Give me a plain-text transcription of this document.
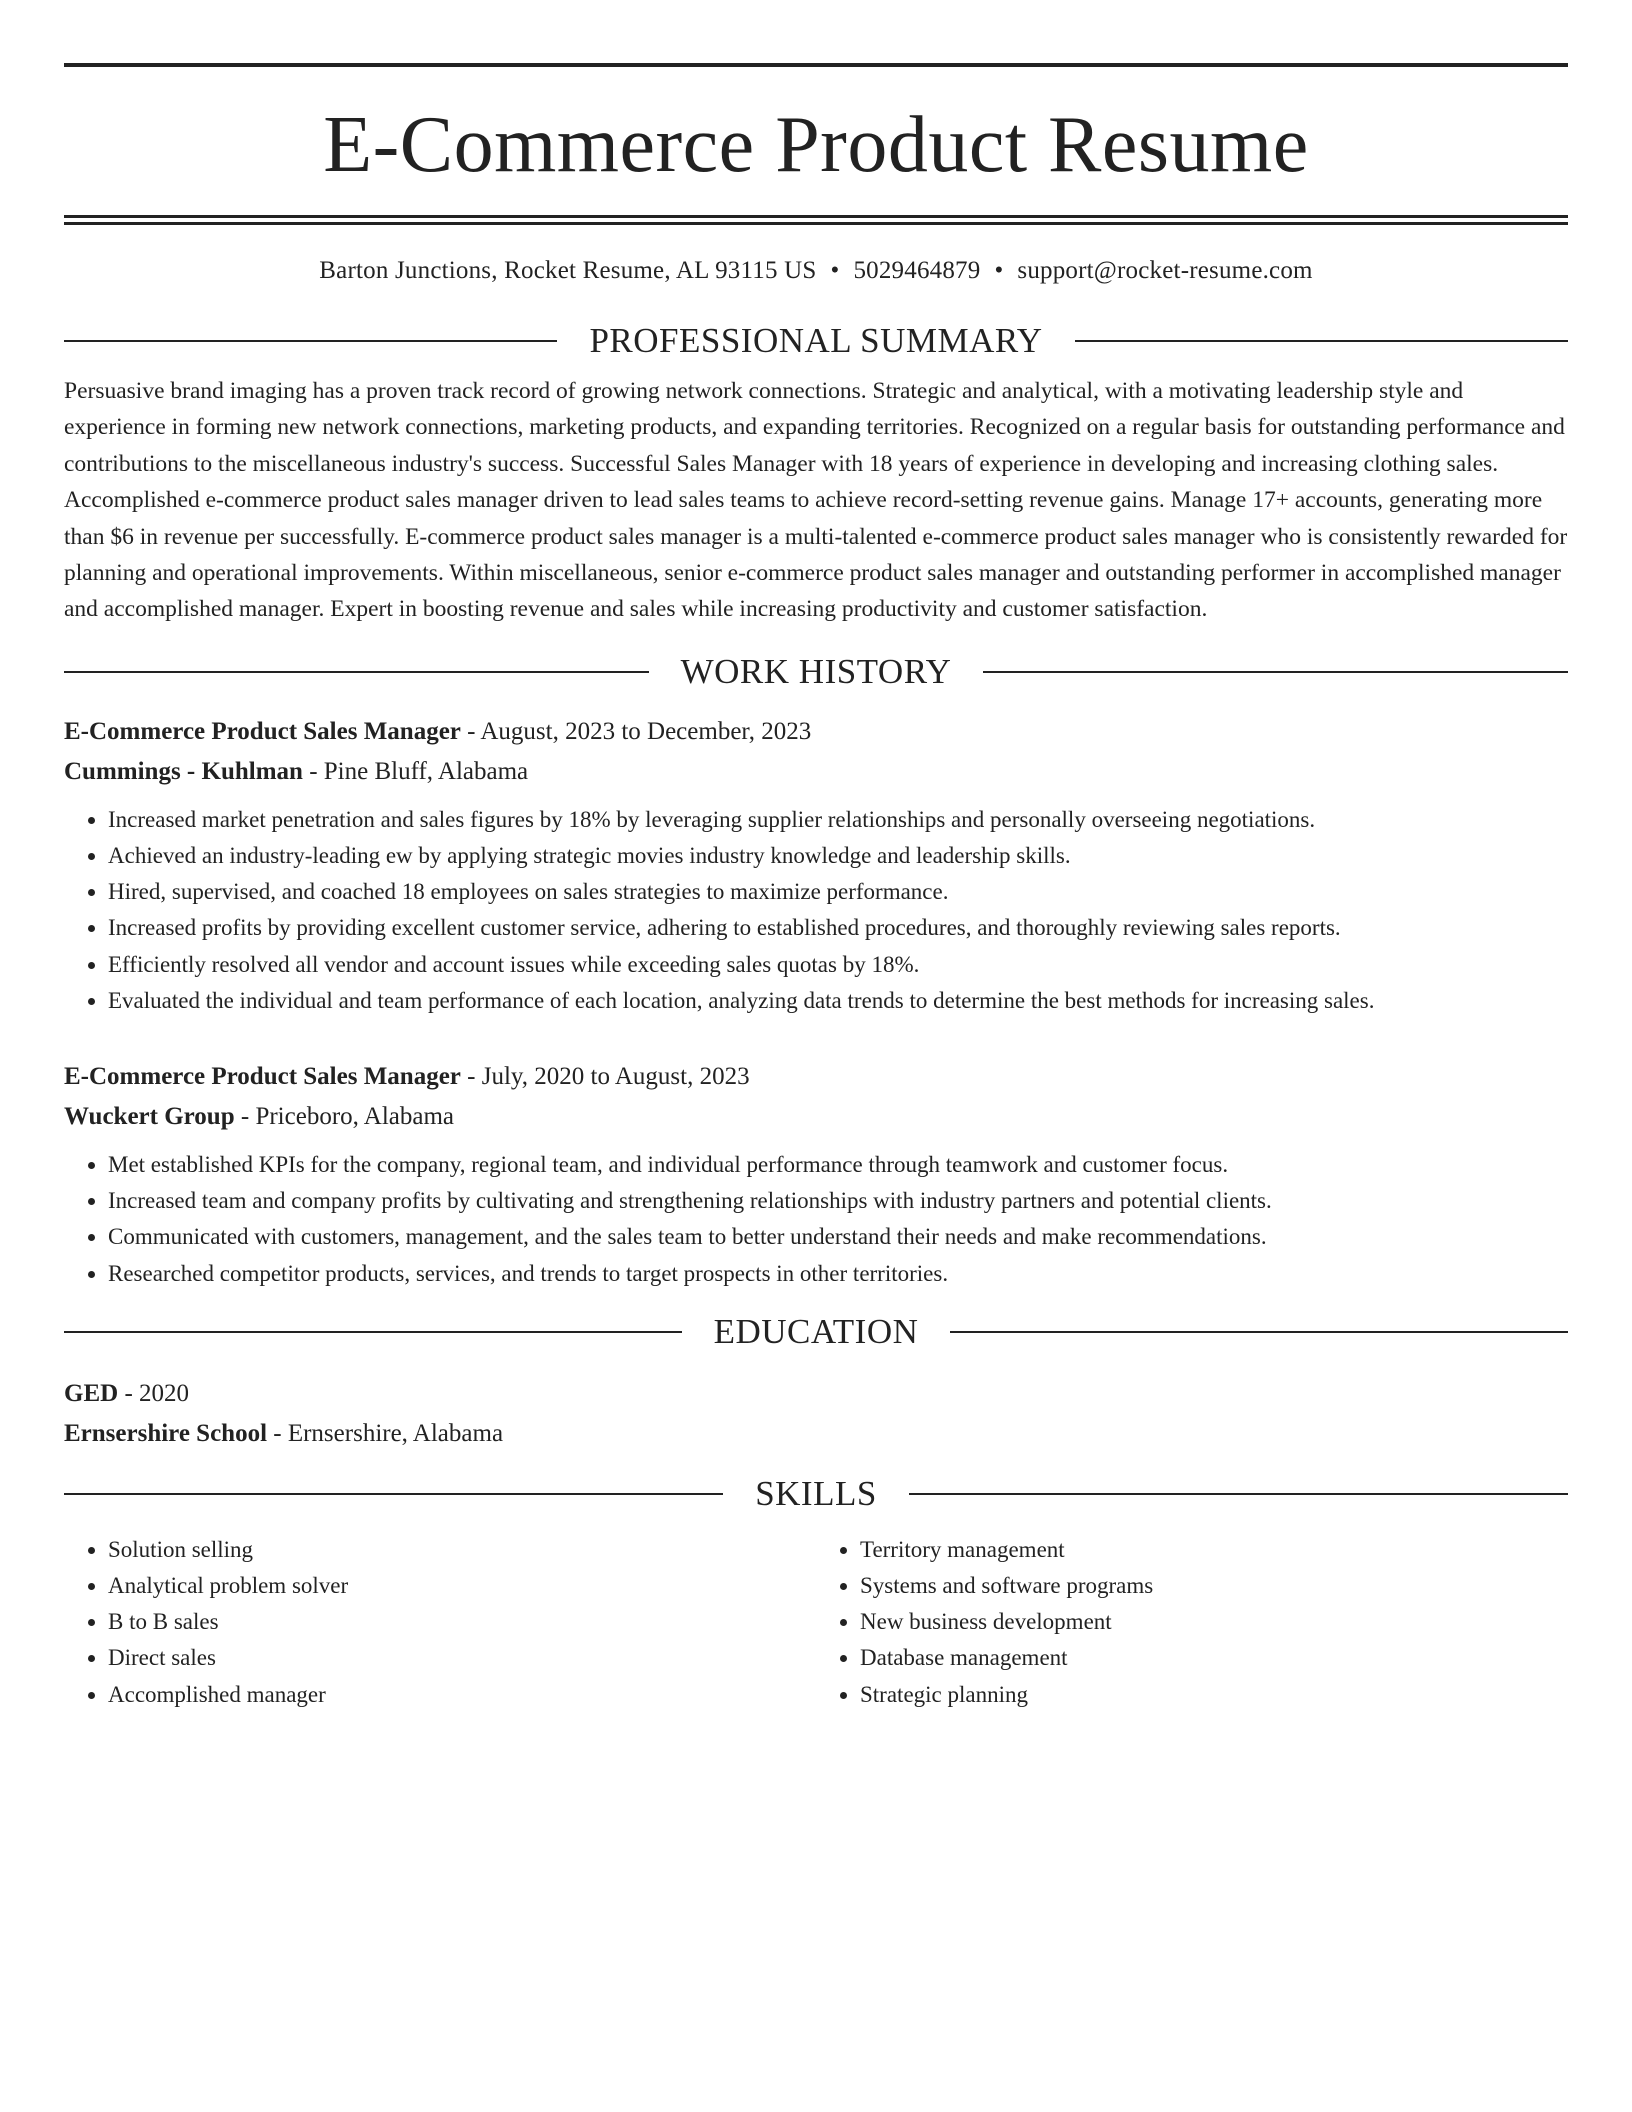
E-Commerce Product Resume
Barton Junctions, Rocket Resume, AL 93115 US • 5029464879 • support@rocket-resume.com
PROFESSIONAL SUMMARY
Persuasive brand imaging has a proven track record of growing network connections. Strategic and analytical, with a motivating leadership style and experience in forming new network connections, marketing products, and expanding territories. Recognized on a regular basis for outstanding performance and contributions to the miscellaneous industry's success. Successful Sales Manager with 18 years of experience in developing and increasing clothing sales. Accomplished e-commerce product sales manager driven to lead sales teams to achieve record-setting revenue gains. Manage 17+ accounts, generating more than $6 in revenue per successfully. E-commerce product sales manager is a multi-talented e-commerce product sales manager who is consistently rewarded for planning and operational improvements. Within miscellaneous, senior e-commerce product sales manager and outstanding performer in accomplished manager and accomplished manager. Expert in boosting revenue and sales while increasing productivity and customer satisfaction.
WORK HISTORY
E-Commerce Product Sales Manager - August, 2023 to December, 2023
Cummings - Kuhlman - Pine Bluff, Alabama
• Increased market penetration and sales figures by 18% by leveraging supplier relationships and personally overseeing negotiations.
• Achieved an industry-leading ew by applying strategic movies industry knowledge and leadership skills.
• Hired, supervised, and coached 18 employees on sales strategies to maximize performance.
• Increased profits by providing excellent customer service, adhering to established procedures, and thoroughly reviewing sales reports.
• Efficiently resolved all vendor and account issues while exceeding sales quotas by 18%.
• Evaluated the individual and team performance of each location, analyzing data trends to determine the best methods for increasing sales.
E-Commerce Product Sales Manager - July, 2020 to August, 2023
Wuckert Group - Priceboro, Alabama
• Met established KPIs for the company, regional team, and individual performance through teamwork and customer focus.
• Increased team and company profits by cultivating and strengthening relationships with industry partners and potential clients.
• Communicated with customers, management, and the sales team to better understand their needs and make recommendations.
• Researched competitor products, services, and trends to target prospects in other territories.
EDUCATION
GED - 2020
Ernsershire School - Ernsershire, Alabama
SKILLS
• Solution selling
• Analytical problem solver
• B to B sales
• Direct sales
• Accomplished manager
• Territory management
• Systems and software programs
• New business development
• Database management
• Strategic planning
